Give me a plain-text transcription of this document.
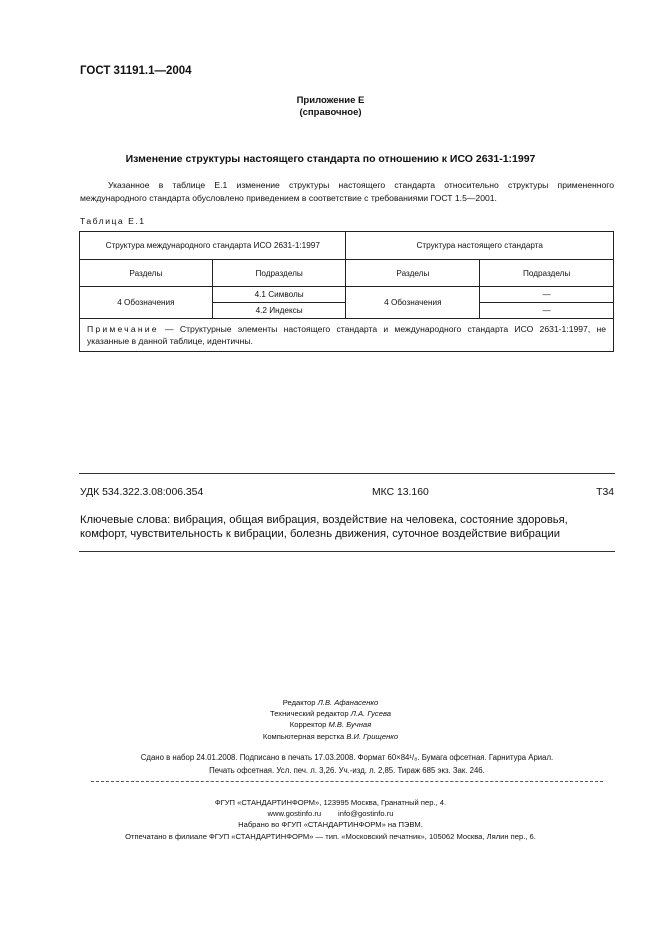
ГОСТ 31191.1—2004
Приложение Е
(справочное)
Изменение структуры настоящего стандарта по отношению к ИСО 2631-1:1997
Указанное в таблице Е.1 изменение структуры настоящего стандарта относительно структуры примененного международного стандарта обусловлено приведением в соответствие с требованиями ГОСТ 1.5—2001.
Таблица Е.1
Структура международного стандарта ИСО 2631-1:1997		Структура настоящего стандарта	
Разделы	Подразделы	Разделы	Подразделы
4 Обозначения	4.1 Символы	4 Обозначения	—
	4.2 Индексы		—
Примечание — Структурные элементы настоящего стандарта и международного стандарта ИСО 2631-1:1997, не указанные в данной таблице, идентичны.			
УДК 534.322.3.08:006.354	МКС 13.160	Т34
Ключевые слова: вибрация, общая вибрация, воздействие на человека, состояние здоровья, комфорт, чувствительность к вибрации, болезнь движения, суточное воздействие вибрации
Редактор Л.В. Афанасенко
Технический редактор Л.А. Гусева
Корректор М.В. Бучная
Компьютерная верстка В.И. Грищенко
Сдано в набор 24.01.2008. Подписано в печать 17.03.2008. Формат 60×84¹/₈. Бумага офсетная. Гарнитура Ариал.
Печать офсетная. Усл. печ. л. 3,26. Уч.-изд. л. 2,85. Тираж 685 экз. Зак. 246.
ФГУП «СТАНДАРТИНФОРМ», 123995 Москва, Гранатный пер., 4.
www.gostinfo.ru info@gostinfo.ru
Набрано во ФГУП «СТАНДАРТИНФОРМ» на ПЭВМ.
Отпечатано в филиале ФГУП «СТАНДАРТИНФОРМ» — тип. «Московский печатник», 105062 Москва, Лялин пер., 6.
